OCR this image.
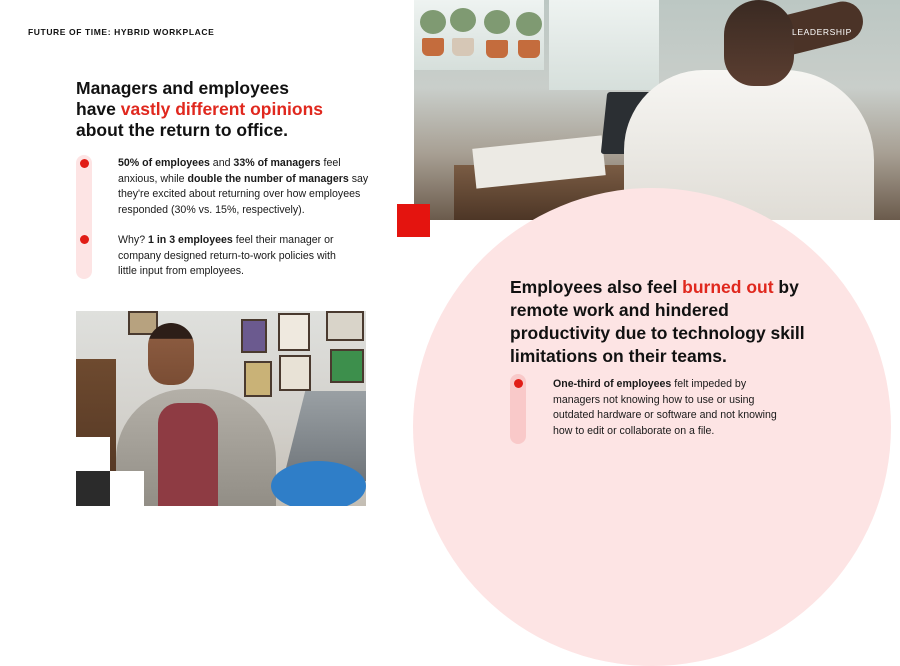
FUTURE OF TIME: HYBRID WORKPLACE	LEADERSHIP
Managers and employees
have vastly different opinions
about the return to office.
50% of employees and 33% of managers feel anxious, while double the number of managers say they're excited about returning over how employees responded (30% vs. 15%, respectively).
Why? 1 in 3 employees feel their manager or company designed return-to-work policies with little input from employees.
Employees also feel burned out by remote work and hindered productivity due to technology skill limitations on their teams.
One-third of employees felt impeded by managers not knowing how to use or using outdated hardware or software and not knowing how to edit or collaborate on a file.
